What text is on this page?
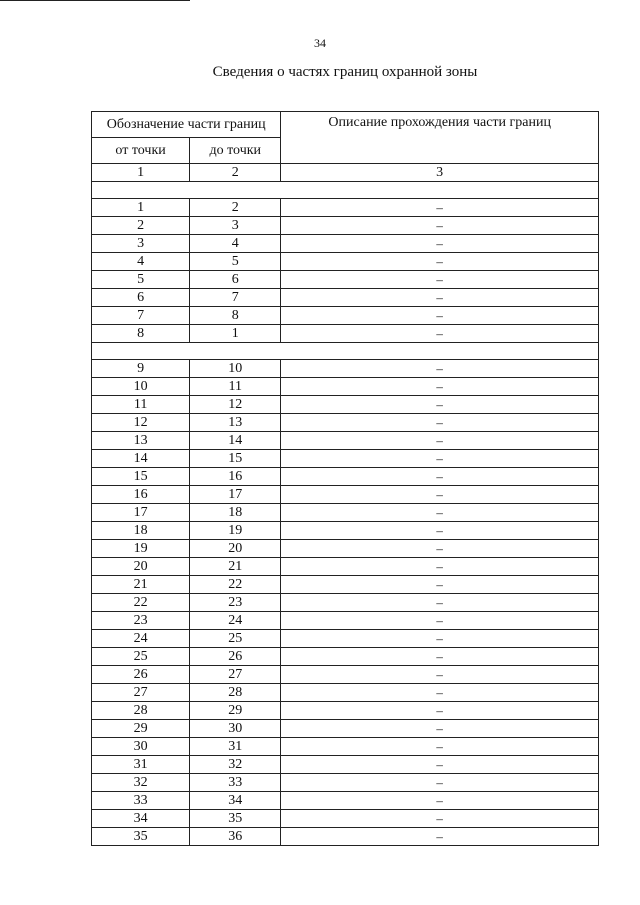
34
Сведения о частях границ охранной зоны
Обозначение части границ		Описание прохождения части границ
от точки	до точки	
1	2	3

1	2	–
2	3	–
3	4	–
4	5	–
5	6	–
6	7	–
7	8	–
8	1	–

9	10	–
10	11	–
11	12	–
12	13	–
13	14	–
14	15	–
15	16	–
16	17	–
17	18	–
18	19	–
19	20	–
20	21	–
21	22	–
22	23	–
23	24	–
24	25	–
25	26	–
26	27	–
27	28	–
28	29	–
29	30	–
30	31	–
31	32	–
32	33	–
33	34	–
34	35	–
35	36	–
